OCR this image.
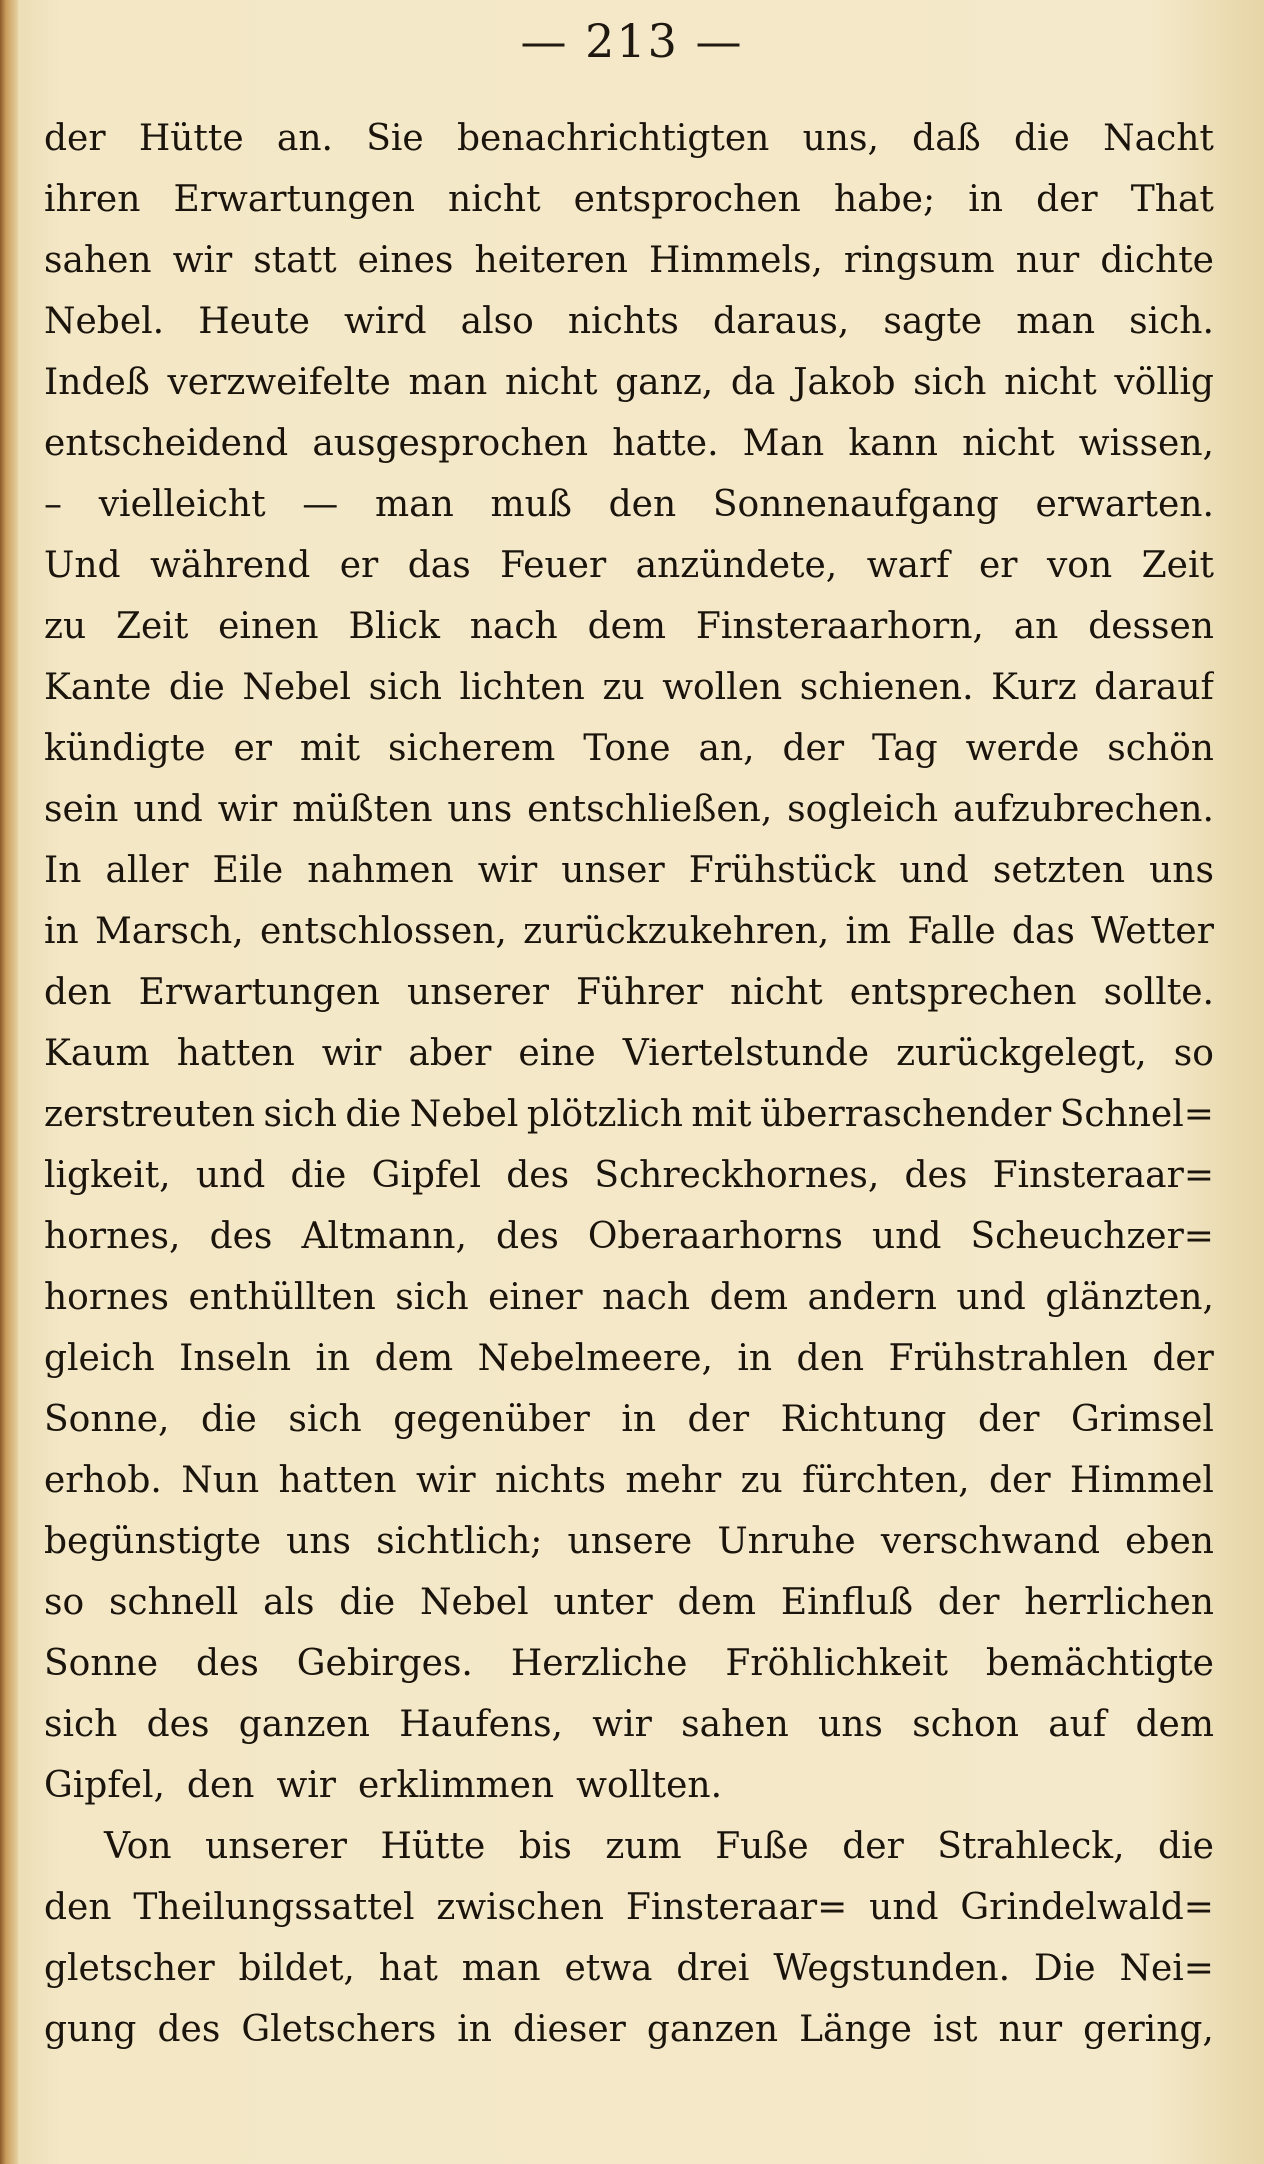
— 213 —
der Hütte an. Sie benachrichtigten uns, daß die Nacht
ihren Erwartungen nicht entsprochen habe; in der That
sahen wir statt eines heiteren Himmels, ringsum nur dichte
Nebel. Heute wird also nichts daraus, sagte man sich.
Indeß verzweifelte man nicht ganz, da Jakob sich nicht völlig
entscheidend ausgesprochen hatte. Man kann nicht wissen,
– vielleicht — man muß den Sonnenaufgang erwarten.
Und während er das Feuer anzündete, warf er von Zeit
zu Zeit einen Blick nach dem Finsteraarhorn, an dessen
Kante die Nebel sich lichten zu wollen schienen. Kurz darauf
kündigte er mit sicherem Tone an, der Tag werde schön
sein und wir müßten uns entschließen, sogleich aufzubrechen.
In aller Eile nahmen wir unser Frühstück und setzten uns
in Marsch, entschlossen, zurückzukehren, im Falle das Wetter
den Erwartungen unserer Führer nicht entsprechen sollte.
Kaum hatten wir aber eine Viertelstunde zurückgelegt, so
zerstreuten sich die Nebel plötzlich mit überraschender Schnel=
ligkeit, und die Gipfel des Schreckhornes, des Finsteraar=
hornes, des Altmann, des Oberaarhorns und Scheuchzer=
hornes enthüllten sich einer nach dem andern und glänzten,
gleich Inseln in dem Nebelmeere, in den Frühstrahlen der
Sonne, die sich gegenüber in der Richtung der Grimsel
erhob. Nun hatten wir nichts mehr zu fürchten, der Himmel
begünstigte uns sichtlich; unsere Unruhe verschwand eben
so schnell als die Nebel unter dem Einfluß der herrlichen
Sonne des Gebirges. Herzliche Fröhlichkeit bemächtigte
sich des ganzen Haufens, wir sahen uns schon auf dem
Gipfel, den wir erklimmen wollten.
Von unserer Hütte bis zum Fuße der Strahleck, die
den Theilungssattel zwischen Finsteraar= und Grindelwald=
gletscher bildet, hat man etwa drei Wegstunden. Die Nei=
gung des Gletschers in dieser ganzen Länge ist nur gering,
